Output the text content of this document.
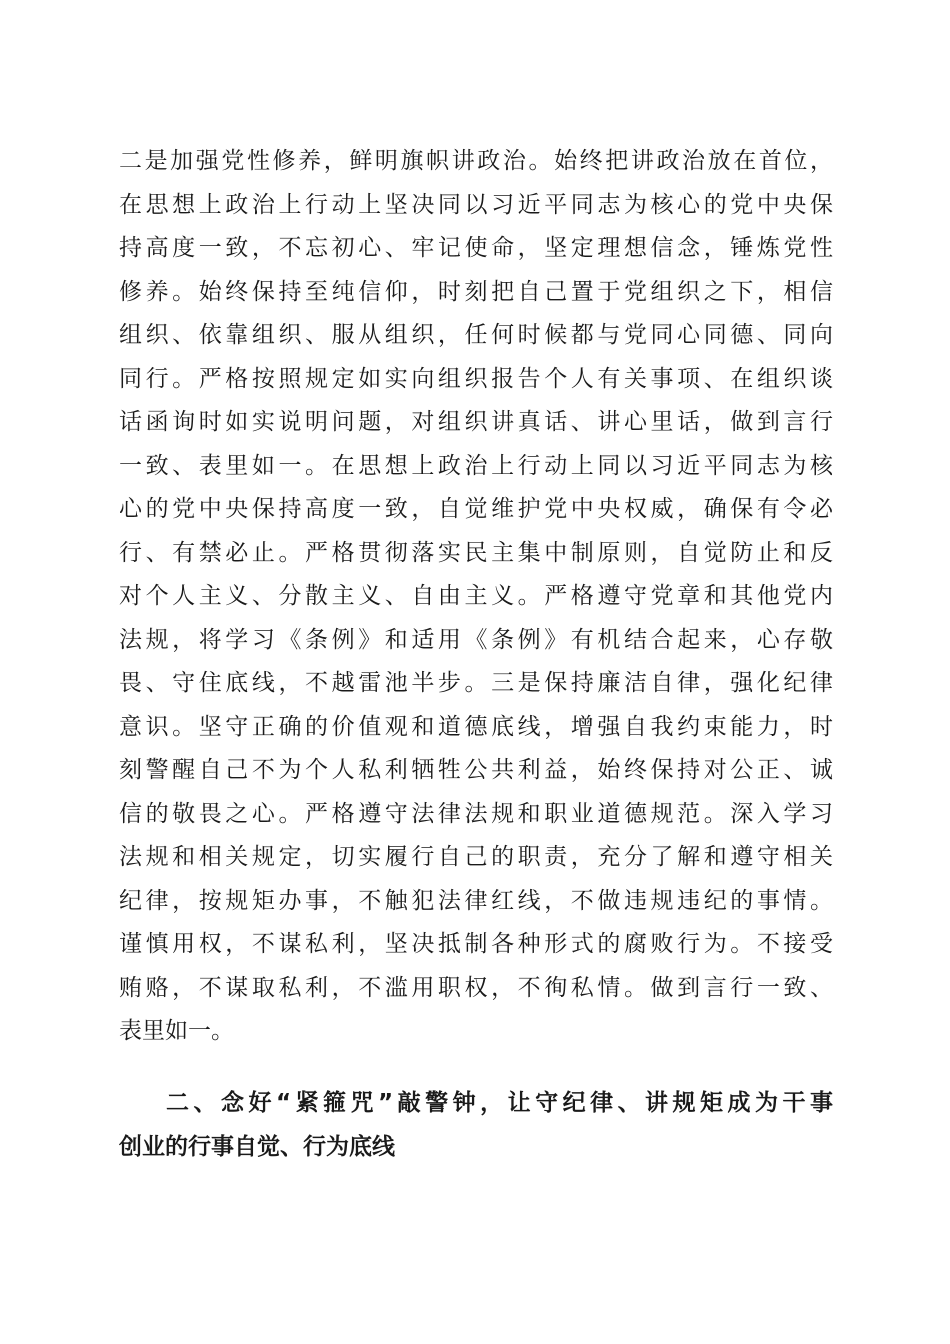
二是加强党性修养，鲜明旗帜讲政治。始终把讲政治放在首位，
在思想上政治上行动上坚决同以习近平同志为核心的党中央保
持高度一致，不忘初心、牢记使命，坚定理想信念，锤炼党性
修养。始终保持至纯信仰，时刻把自己置于党组织之下，相信
组织、依靠组织、服从组织，任何时候都与党同心同德、同向
同行。严格按照规定如实向组织报告个人有关事项、在组织谈
话函询时如实说明问题，对组织讲真话、讲心里话，做到言行
一致、表里如一。在思想上政治上行动上同以习近平同志为核
心的党中央保持高度一致，自觉维护党中央权威，确保有令必
行、有禁必止。严格贯彻落实民主集中制原则，自觉防止和反
对个人主义、分散主义、自由主义。严格遵守党章和其他党内
法规，将学习《条例》和适用《条例》有机结合起来，心存敬
畏、守住底线，不越雷池半步。三是保持廉洁自律，强化纪律
意识。坚守正确的价值观和道德底线，增强自我约束能力，时
刻警醒自己不为个人私利牺牲公共利益，始终保持对公正、诚
信的敬畏之心。严格遵守法律法规和职业道德规范。深入学习
法规和相关规定，切实履行自己的职责，充分了解和遵守相关
纪律，按规矩办事，不触犯法律红线，不做违规违纪的事情。
谨慎用权，不谋私利，坚决抵制各种形式的腐败行为。不接受
贿赂，不谋取私利，不滥用职权，不徇私情。做到言行一致、
表里如一。
二、念好“紧箍咒”敲警钟，让守纪律、讲规矩成为干事
创业的行事自觉、行为底线
